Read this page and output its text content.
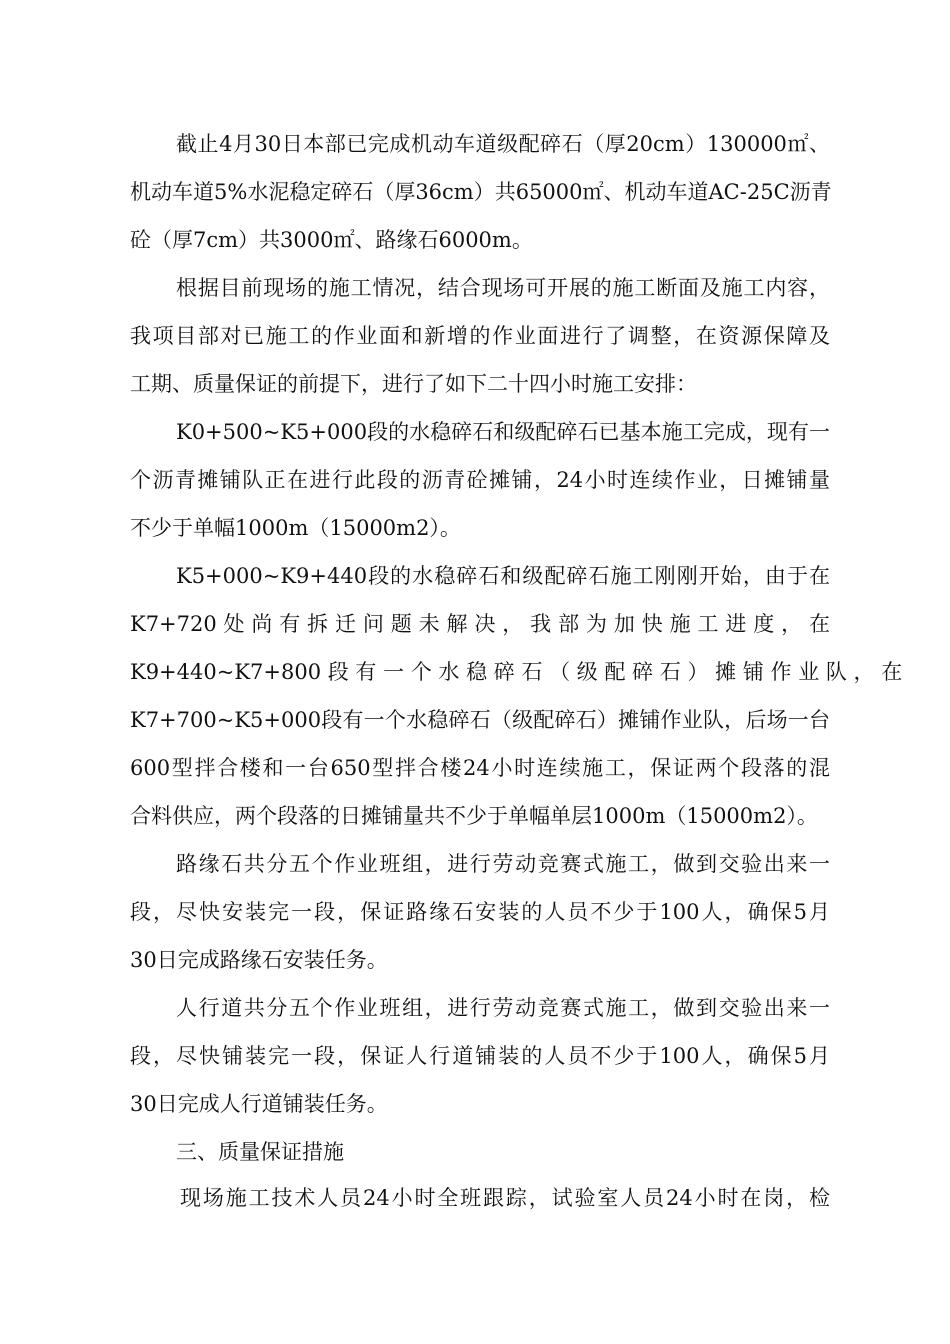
截止4月30日本部已完成机动车道级配碎石（厚20cm）130000㎡、
机动车道5%水泥稳定碎石（厚36cm）共65000㎡、机动车道AC-25C沥青
砼（厚7cm）共3000㎡、路缘石6000m。
根据目前现场的施工情况，结合现场可开展的施工断面及施工内容，
我项目部对已施工的作业面和新增的作业面进行了调整，在资源保障及
工期、质量保证的前提下，进行了如下二十四小时施工安排：
K0+500~K5+000段的水稳碎石和级配碎石已基本施工完成，现有一
个沥青摊铺队正在进行此段的沥青砼摊铺，24小时连续作业，日摊铺量
不少于单幅1000m（15000m2）。
K5+000~K9+440段的水稳碎石和级配碎石施工刚刚开始，由于在
K7+720 处 尚 有 拆 迁 问 题 未 解 决 ， 我 部 为 加 快 施 工 进 度 ， 在
K9+440~K7+800 段 有 一 个 水 稳 碎 石 （ 级 配 碎 石 ） 摊 铺 作 业 队 ， 在
K7+700~K5+000段有一个水稳碎石（级配碎石）摊铺作业队，后场一台
600型拌合楼和一台650型拌合楼24小时连续施工，保证两个段落的混
合料供应，两个段落的日摊铺量共不少于单幅单层1000m（15000m2）。
路缘石共分五个作业班组，进行劳动竞赛式施工，做到交验出来一
段，尽快安装完一段，保证路缘石安装的人员不少于100人，确保5月
30日完成路缘石安装任务。
人行道共分五个作业班组，进行劳动竞赛式施工，做到交验出来一
段，尽快铺装完一段，保证人行道铺装的人员不少于100人，确保5月
30日完成人行道铺装任务。
三、质量保证措施
现场施工技术人员24小时全班跟踪，试验室人员24小时在岗，检
